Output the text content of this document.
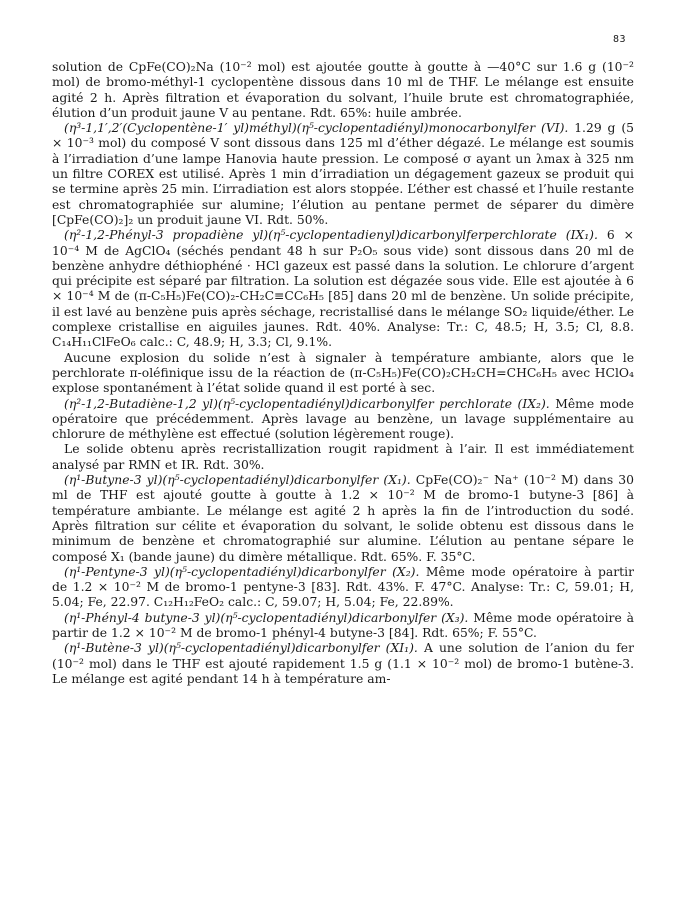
83

solution de CpFe(CO)₂Na (10⁻² mol) est ajoutée goutte à goutte à —40°C sur 1.6 g (10⁻² mol) de bromo-méthyl-1 cyclopentène dissous dans 10 ml de THF. Le mélange est ensuite agité 2 h. Après filtration et évaporation du solvant, l’huile brute est chromatographiée, élution d’un produit jaune V au pentane. Rdt. 65%: huile ambrée.

(η³-1,1′,2′(Cyclopentène-1′ yl)méthyl)(η⁵-cyclopentadiényl)monocarbonylfer (VI). 1.29 g (5 × 10⁻³ mol) du composé V sont dissous dans 125 ml d’éther dégazé. Le mélange est soumis à l’irradiation d’une lampe Hanovia haute pression. Le composé σ ayant un λmax à 325 nm un filtre COREX est utilisé. Après 1 min d’irradiation un dégagement gazeux se produit qui se termine après 25 min. L’irradiation est alors stoppée. L’éther est chassé et l’huile restante est chromatographiée sur alumine; l’élution au pentane permet de séparer du dimère [CpFe(CO)₂]₂ un produit jaune VI. Rdt. 50%.

(η²-1,2-Phényl-3 propadiène yl)(η⁵-cyclopentadienyl)dicarbonylferperchlorate (IX₁). 6 × 10⁻⁴ M de AgClO₄ (séchés pendant 48 h sur P₂O₅ sous vide) sont dissous dans 20 ml de benzène anhydre déthiophéné · HCl gazeux est passé dans la solution. Le chlorure d’argent qui précipite est séparé par filtration. La solution est dégazée sous vide. Elle est ajoutée à 6 × 10⁻⁴ M de (π-C₅H₅)Fe(CO)₂-CH₂C≡CC₆H₅ [85] dans 20 ml de benzène. Un solide précipite, il est lavé au benzène puis après séchage, recristallisé dans le mélange SO₂ liquide/éther. Le complexe cristallise en aiguiles jaunes. Rdt. 40%. Analyse: Tr.: C, 48.5; H, 3.5; Cl, 8.8. C₁₄H₁₁ClFeO₆ calc.: C, 48.9; H, 3.3; Cl, 9.1%.

Aucune explosion du solide n’est à signaler à température ambiante, alors que le perchlorate π-oléfinique issu de la réaction de (π-C₅H₅)Fe(CO)₂CH₂CH=CHC₆H₅ avec HClO₄ explose spontanément à l’état solide quand il est porté à sec.

(η²-1,2-Butadiène-1,2 yl)(η⁵-cyclopentadiényl)dicarbonylfer perchlorate (IX₂). Même mode opératoire que précédemment. Après lavage au benzène, un lavage supplémentaire au chlorure de méthylène est effectué (solution légèrement rouge).

Le solide obtenu après recristallization rougit rapidment à l’air. Il est immédiatement analysé par RMN et IR. Rdt. 30%.

(η¹-Butyne-3 yl)(η⁵-cyclopentadiényl)dicarbonylfer (X₁). CpFe(CO)₂⁻ Na⁺ (10⁻² M) dans 30 ml de THF est ajouté goutte à goutte à 1.2 × 10⁻² M de bromo-1 butyne-3 [86] à température ambiante. Le mélange est agité 2 h après la fin de l’introduction du sodé. Après filtration sur célite et évaporation du solvant, le solide obtenu est dissous dans le minimum de benzène et chromatographié sur alumine. L’élution au pentane sépare le composé X₁ (bande jaune) du dimère métallique. Rdt. 65%. F. 35°C.

(η¹-Pentyne-3 yl)(η⁵-cyclopentadiényl)dicarbonylfer (X₂). Même mode opératoire à partir de 1.2 × 10⁻² M de bromo-1 pentyne-3 [83]. Rdt. 43%. F. 47°C. Analyse: Tr.: C, 59.01; H, 5.04; Fe, 22.97. C₁₂H₁₂FeO₂ calc.: C, 59.07; H, 5.04; Fe, 22.89%.

(η¹-Phényl-4 butyne-3 yl)(η⁵-cyclopentadiényl)dicarbonylfer (X₃). Même mode opératoire à partir de 1.2 × 10⁻² M de bromo-1 phényl-4 butyne-3 [84]. Rdt. 65%; F. 55°C.

(η¹-Butène-3 yl)(η⁵-cyclopentadiényl)dicarbonylfer (XI₁). A une solution de l’anion du fer (10⁻² mol) dans le THF est ajouté rapidement 1.5 g (1.1 × 10⁻² mol) de bromo-1 butène-3. Le mélange est agité pendant 14 h à température am-
